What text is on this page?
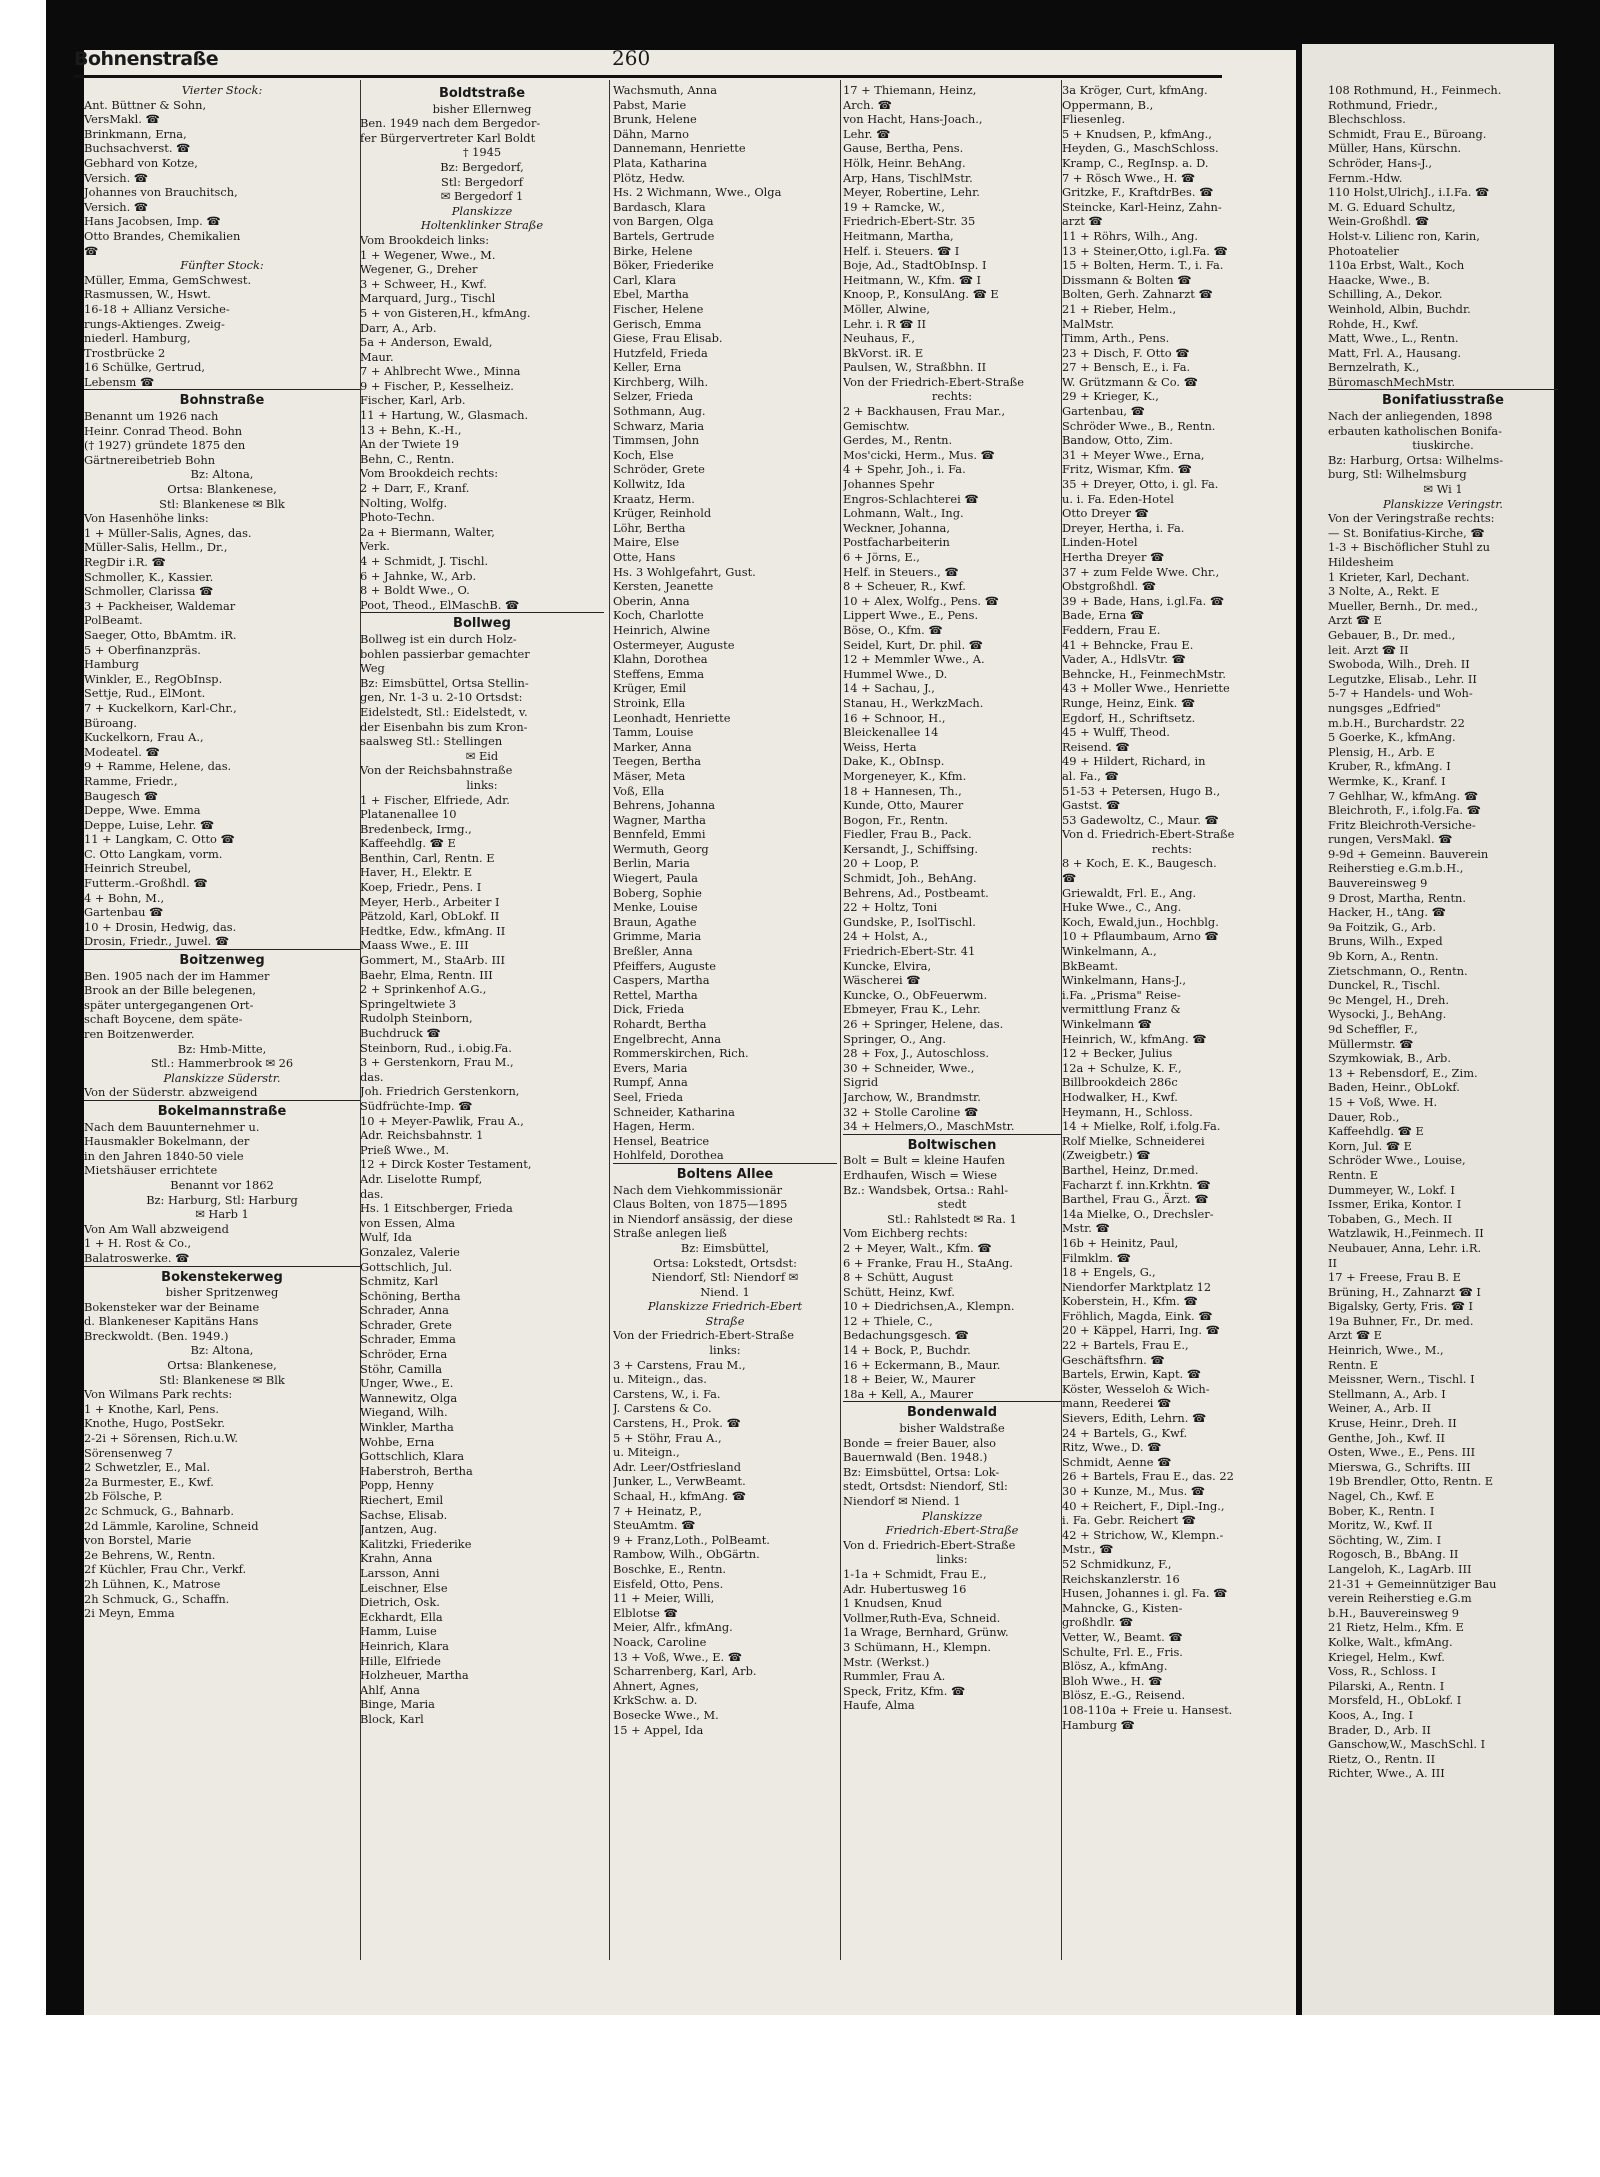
Bohnenstraße	260

Vierter Stock:

Ant. Büttner & Sohn,

VersMakl. ☎

Brinkmann, Erna,

Buchsachverst. ☎

Gebhard von Kotze,

Versich. ☎

Johannes von Brauchitsch,

Versich. ☎

Hans Jacobsen, Imp. ☎

Otto Brandes, Chemikalien

☎

Fünfter Stock:

Müller, Emma, GemSchwest.

Rasmussen, W., Hswt.

16-18 + Allianz Versiche-

rungs-Aktienges. Zweig-

niederl. Hamburg,

Trostbrücke 2

16 Schülke, Gertrud,

Lebensm ☎

Bohnstraße

Benannt um 1926 nach

Heinr. Conrad Theod. Bohn

(† 1927) gründete 1875 den

Gärtnereibetrieb Bohn

Bz: Altona,

Ortsa: Blankenese,

Stl: Blankenese ✉ Blk

Von Hasenhöhe links:

1 + Müller-Salis, Agnes, das.

Müller-Salis, Hellm., Dr.,

RegDir i.R. ☎

Schmoller, K., Kassier.

Schmoller, Clarissa ☎

3 + Packheiser, Waldemar

PolBeamt.

Saeger, Otto, BbAmtm. iR.

5 + Oberfinanzpräs.

Hamburg

Winkler, E., RegObInsp.

Settje, Rud., ElMont.

7 + Kuckelkorn, Karl-Chr.,

Büroang.

Kuckelkorn, Frau A.,

Modeatel. ☎

9 + Ramme, Helene, das.

Ramme, Friedr.,

Baugesch ☎

Deppe, Wwe. Emma

Deppe, Luise, Lehr. ☎

11 + Langkam, C. Otto ☎

C. Otto Langkam, vorm.

Heinrich Streubel,

Futterm.-Großhdl. ☎

4 + Bohn, M.,

Gartenbau ☎

10 + Drosin, Hedwig, das.

Drosin, Friedr., Juwel. ☎

Boitzenweg

Ben. 1905 nach der im Hammer

Brook an der Bille belegenen,

später untergegangenen Ort-

schaft Boycene, dem späte-

ren Boitzenwerder.

Bz: Hmb-Mitte,

Stl.: Hammerbrook ✉ 26

Planskizze Süderstr.

Von der Süderstr. abzweigend

Bokelmannstraße

Nach dem Bauunternehmer u.

Hausmakler Bokelmann, der

in den Jahren 1840-50 viele

Mietshäuser errichtete

Benannt vor 1862

Bz: Harburg, Stl: Harburg

✉ Harb 1

Von Am Wall abzweigend

1 + H. Rost & Co.,

Balatroswerke. ☎

Bokenstekerweg

bisher Spritzenweg

Bokensteker war der Beiname

d. Blankeneser Kapitäns Hans

Breckwoldt. (Ben. 1949.)

Bz: Altona,

Ortsa: Blankenese,

Stl: Blankenese ✉ Blk

Von Wilmans Park rechts:

1 + Knothe, Karl, Pens.

Knothe, Hugo, PostSekr.

2-2i + Sörensen, Rich.u.W.

Sörensenweg 7

2 Schwetzler, E., Mal.

2a Burmester, E., Kwf.

2b Fölsche, P.

2c Schmuck, G., Bahnarb.

2d Lämmle, Karoline, Schneid

von Borstel, Marie

2e Behrens, W., Rentn.

2f Küchler, Frau Chr., Verkf.

2h Lühnen, K., Matrose

2h Schmuck, G., Schaffn.

2i Meyn, Emma

Boldtstraße

bisher Ellernweg

Ben. 1949 nach dem Bergedor-

fer Bürgervertreter Karl Boldt

† 1945

Bz: Bergedorf,

Stl: Bergedorf

✉ Bergedorf 1

Planskizze

Holtenklinker Straße

Vom Brookdeich links:

1 + Wegener, Wwe., M.

Wegener, G., Dreher

3 + Schweer, H., Kwf.

Marquard, Jurg., Tischl

5 + von Gisteren,H., kfmAng.

Darr, A., Arb.

5a + Anderson, Ewald,

Maur.

7 + Ahlbrecht Wwe., Minna

9 + Fischer, P., Kesselheiz.

Fischer, Karl, Arb.

11 + Hartung, W., Glasmach.

13 + Behn, K.-H.,

An der Twiete 19

Behn, C., Rentn.

Vom Brookdeich rechts:

2 + Darr, F., Kranf.

Nolting, Wolfg.

Photo-Techn.

2a + Biermann, Walter,

Verk.

4 + Schmidt, J. Tischl.

6 + Jahnke, W., Arb.

8 + Boldt Wwe., O.

Poot, Theod., ElMaschB. ☎

Bollweg

Bollweg ist ein durch Holz-

bohlen passierbar gemachter

Weg

Bz: Eimsbüttel, Ortsa Stellin-

gen, Nr. 1-3 u. 2-10 Ortsdst:

Eidelstedt, Stl.: Eidelstedt, v.

der Eisenbahn bis zum Kron-

saalsweg Stl.: Stellingen

✉ Eid

Von der Reichsbahnstraße

links:

1 + Fischer, Elfriede, Adr.

Platanenallee 10

Bredenbeck, Irmg.,

Kaffeehdlg. ☎ E

Benthin, Carl, Rentn. E

Haver, H., Elektr. E

Koep, Friedr., Pens. I

Meyer, Herb., Arbeiter I

Pätzold, Karl, ObLokf. II

Hedtke, Edw., kfmAng. II

Maass Wwe., E. III

Gommert, M., StaArb. III

Baehr, Elma, Rentn. III

2 + Sprinkenhof A.G.,

Springeltwiete 3

Rudolph Steinborn,

Buchdruck ☎

Steinborn, Rud., i.obig.Fa.

3 + Gerstenkorn, Frau M.,

das.

Joh. Friedrich Gerstenkorn,

Südfrüchte-Imp. ☎

10 + Meyer-Pawlik, Frau A.,

Adr. Reichsbahnstr. 1

Prieß Wwe., M.

12 + Dirck Koster Testament,

Adr. Liselotte Rumpf,

das.

Hs. 1 Eitschberger, Frieda

von Essen, Alma

Wulf, Ida

Gonzalez, Valerie

Gottschlich, Jul.

Schmitz, Karl

Schöning, Bertha

Schrader, Anna

Schrader, Grete

Schrader, Emma

Schröder, Erna

Stöhr, Camilla

Unger, Wwe., E.

Wannewitz, Olga

Wiegand, Wilh.

Winkler, Martha

Wohbe, Erna

Gottschlich, Klara

Haberstroh, Bertha

Popp, Henny

Riechert, Emil

Sachse, Elisab.

Jantzen, Aug.

Kalitzki, Friederike

Krahn, Anna

Larsson, Anni

Leischner, Else

Dietrich, Osk.

Eckhardt, Ella

Hamm, Luise

Heinrich, Klara

Hille, Elfriede

Holzheuer, Martha

Ahlf, Anna

Binge, Maria

Block, Karl

Wachsmuth, Anna

Pabst, Marie

Brunk, Helene

Dähn, Marno

Dannemann, Henriette

Plata, Katharina

Plötz, Hedw.

Hs. 2 Wichmann, Wwe., Olga

Bardasch, Klara

von Bargen, Olga

Bartels, Gertrude

Birke, Helene

Böker, Friederike

Carl, Klara

Ebel, Martha

Fischer, Helene

Gerisch, Emma

Giese, Frau Elisab.

Hutzfeld, Frieda

Keller, Erna

Kirchberg, Wilh.

Selzer, Frieda

Sothmann, Aug.

Schwarz, Maria

Timmsen, John

Koch, Else

Schröder, Grete

Kollwitz, Ida

Kraatz, Herm.

Krüger, Reinhold

Löhr, Bertha

Maire, Else

Otte, Hans

Hs. 3 Wohlgefahrt, Gust.

Kersten, Jeanette

Oberin, Anna

Koch, Charlotte

Heinrich, Alwine

Ostermeyer, Auguste

Klahn, Dorothea

Steffens, Emma

Krüger, Emil

Stroink, Ella

Leonhadt, Henriette

Tamm, Louise

Marker, Anna

Teegen, Bertha

Mäser, Meta

Voß, Ella

Behrens, Johanna

Wagner, Martha

Bennfeld, Emmi

Wermuth, Georg

Berlin, Maria

Wiegert, Paula

Boberg, Sophie

Menke, Louise

Braun, Agathe

Grimme, Maria

Breßler, Anna

Pfeiffers, Auguste

Caspers, Martha

Rettel, Martha

Dick, Frieda

Rohardt, Bertha

Engelbrecht, Anna

Rommerskirchen, Rich.

Evers, Maria

Rumpf, Anna

Seel, Frieda

Schneider, Katharina

Hagen, Herm.

Hensel, Beatrice

Hohlfeld, Dorothea

Boltens Allee

Nach dem Viehkommissionär

Claus Bolten, von 1875—1895

in Niendorf ansässig, der diese

Straße anlegen ließ

Bz: Eimsbüttel,

Ortsa: Lokstedt, Ortsdst:

Niendorf, Stl: Niendorf ✉

Niend. 1

Planskizze Friedrich-Ebert

Straße

Von der Friedrich-Ebert-Straße

links:

3 + Carstens, Frau M.,

u. Miteign., das.

Carstens, W., i. Fa.

J. Carstens & Co.

Carstens, H., Prok. ☎

5 + Stöhr, Frau A.,

u. Miteign.,

Adr. Leer/Ostfriesland

Junker, L., VerwBeamt.

Schaal, H., kfmAng. ☎

7 + Heinatz, P.,

SteuAmtm. ☎

9 + Franz,Loth., PolBeamt.

Rambow, Wilh., ObGärtn.

Boschke, E., Rentn.

Eisfeld, Otto, Pens.

11 + Meier, Willi,

Elblotse ☎

Meier, Alfr., kfmAng.

Noack, Caroline

13 + Voß, Wwe., E. ☎

Scharrenberg, Karl, Arb.

Ahnert, Agnes,

KrkSchw. a. D.

Bosecke Wwe., M.

15 + Appel, Ida

17 + Thiemann, Heinz,

Arch. ☎

von Hacht, Hans-Joach.,

Lehr. ☎

Gause, Bertha, Pens.

Hölk, Heinr. BehAng.

Arp, Hans, TischlMstr.

Meyer, Robertine, Lehr.

19 + Ramcke, W.,

Friedrich-Ebert-Str. 35

Heitmann, Martha,

Helf. i. Steuers. ☎ I

Boje, Ad., StadtObInsp. I

Heitmann, W., Kfm. ☎ I

Knoop, P., KonsulAng. ☎ E

Möller, Alwine,

Lehr. i. R ☎ II

Neuhaus, F.,

BkVorst. iR. E

Paulsen, W., Straßbhn. II

Von der Friedrich-Ebert-Straße

rechts:

2 + Backhausen, Frau Mar.,

Gemischtw.

Gerdes, M., Rentn.

Mos'cicki, Herm., Mus. ☎

4 + Spehr, Joh., i. Fa.

Johannes Spehr

Engros-Schlachterei ☎

Lohmann, Walt., Ing.

Weckner, Johanna,

Postfacharbeiterin

6 + Jörns, E.,

Helf. in Steuers., ☎

8 + Scheuer, R., Kwf.

10 + Alex, Wolfg., Pens. ☎

Lippert Wwe., E., Pens.

Böse, O., Kfm. ☎

Seidel, Kurt, Dr. phil. ☎

12 + Memmler Wwe., A.

Hummel Wwe., D.

14 + Sachau, J.,

Stanau, H., WerkzMach.

16 + Schnoor, H.,

Bleickenallee 14

Weiss, Herta

Dake, K., ObInsp.

Morgeneyer, K., Kfm.

18 + Hannesen, Th.,

Kunde, Otto, Maurer

Bogon, Fr., Rentn.

Fiedler, Frau B., Pack.

Kersandt, J., Schiffsing.

20 + Loop, P.

Schmidt, Joh., BehAng.

Behrens, Ad., Postbeamt.

22 + Holtz, Toni

Gundske, P., IsolTischl.

24 + Holst, A.,

Friedrich-Ebert-Str. 41

Kuncke, Elvira,

Wäscherei ☎

Kuncke, O., ObFeuerwm.

Ebmeyer, Frau K., Lehr.

26 + Springer, Helene, das.

Springer, O., Ang.

28 + Fox, J., Autoschloss.

30 + Schneider, Wwe.,

Sigrid

Jarchow, W., Brandmstr.

32 + Stolle Caroline ☎

34 + Helmers,O., MaschMstr.

Boltwischen

Bolt = Bult = kleine Haufen

Erdhaufen, Wisch = Wiese

Bz.: Wandsbek, Ortsa.: Rahl-

stedt

Stl.: Rahlstedt ✉ Ra. 1

Vom Eichberg rechts:

2 + Meyer, Walt., Kfm. ☎

6 + Franke, Frau H., StaAng.

8 + Schütt, August

Schütt, Heinz, Kwf.

10 + Diedrichsen,A., Klempn.

12 + Thiele, C.,

Bedachungsgesch. ☎

14 + Bock, P., Buchdr.

16 + Eckermann, B., Maur.

18 + Beier, W., Maurer

18a + Kell, A., Maurer

Bondenwald

bisher Waldstraße

Bonde = freier Bauer, also

Bauernwald (Ben. 1948.)

Bz: Eimsbüttel, Ortsa: Lok-

stedt, Ortsdst: Niendorf, Stl:

Niendorf ✉ Niend. 1

Planskizze

Friedrich-Ebert-Straße

Von d. Friedrich-Ebert-Straße

links:

1-1a + Schmidt, Frau E.,

Adr. Hubertusweg 16

1 Knudsen, Knud

Vollmer,Ruth-Eva, Schneid.

1a Wrage, Bernhard, Grünw.

3 Schümann, H., Klempn.

Mstr. (Werkst.)

Rummler, Frau A.

Speck, Fritz, Kfm. ☎

Haufe, Alma

3a Kröger, Curt, kfmAng.

Oppermann, B.,

Fliesenleg.

5 + Knudsen, P., kfmAng.,

Heyden, G., MaschSchloss.

Kramp, C., RegInsp. a. D.

7 + Rösch Wwe., H. ☎

Gritzke, F., KraftdrBes. ☎

Steincke, Karl-Heinz, Zahn-

arzt ☎

11 + Röhrs, Wilh., Ang.

13 + Steiner,Otto, i.gl.Fa. ☎

15 + Bolten, Herm. T., i. Fa.

Dissmann & Bolten ☎

Bolten, Gerh. Zahnarzt ☎

21 + Rieber, Helm.,

MalMstr.

Timm, Arth., Pens.

23 + Disch, F. Otto ☎

27 + Bensch, E., i. Fa.

W. Grützmann & Co. ☎

29 + Krieger, K.,

Gartenbau, ☎

Schröder Wwe., B., Rentn.

Bandow, Otto, Zim.

31 + Meyer Wwe., Erna,

Fritz, Wismar, Kfm. ☎

35 + Dreyer, Otto, i. gl. Fa.

u. i. Fa. Eden-Hotel

Otto Dreyer ☎

Dreyer, Hertha, i. Fa.

Linden-Hotel

Hertha Dreyer ☎

37 + zum Felde Wwe. Chr.,

Obstgroßhdl. ☎

39 + Bade, Hans, i.gl.Fa. ☎

Bade, Erna ☎

Feddern, Frau E.

41 + Behncke, Frau E.

Vader, A., HdlsVtr. ☎

Behncke, H., FeinmechMstr.

43 + Moller Wwe., Henriette

Runge, Heinz, Eink. ☎

Egdorf, H., Schriftsetz.

45 + Wulff, Theod.

Reisend. ☎

49 + Hildert, Richard, in

al. Fa., ☎

51-53 + Petersen, Hugo B.,

Gastst. ☎

53 Gadewoltz, C., Maur. ☎

Von d. Friedrich-Ebert-Straße

rechts:

8 + Koch, E. K., Baugesch.

☎

Griewaldt, Frl. E., Ang.

Huke Wwe., C., Ang.

Koch, Ewald,jun., Hochblg.

10 + Pflaumbaum, Arno ☎

Winkelmann, A.,

BkBeamt.

Winkelmann, Hans-J.,

i.Fa. „Prisma" Reise-

vermittlung Franz &

Winkelmann ☎

Heinrich, W., kfmAng. ☎

12 + Becker, Julius

12a + Schulze, K. F.,

Billbrookdeich 286c

Hodwalker, H., Kwf.

Heymann, H., Schloss.

14 + Mielke, Rolf, i.folg.Fa.

Rolf Mielke, Schneiderei

(Zweigbetr.) ☎

Barthel, Heinz, Dr.med.

Facharzt f. inn.Krkhtn. ☎

Barthel, Frau G., Ärzt. ☎

14a Mielke, O., Drechsler-

Mstr. ☎

16b + Heinitz, Paul,

Filmklm. ☎

18 + Engels, G.,

Niendorfer Marktplatz 12

Koberstein, H., Kfm. ☎

Fröhlich, Magda, Eink. ☎

20 + Käppel, Harri, Ing. ☎

22 + Bartels, Frau E.,

Geschäftsfhrn. ☎

Bartels, Erwin, Kapt. ☎

Köster, Wesseloh & Wich-

mann, Reederei ☎

Sievers, Edith, Lehrn. ☎

24 + Bartels, G., Kwf.

Ritz, Wwe., D. ☎

Schmidt, Aenne ☎

26 + Bartels, Frau E., das. 22

30 + Kunze, M., Mus. ☎

40 + Reichert, F., Dipl.-Ing.,

i. Fa. Gebr. Reichert ☎

42 + Strichow, W., Klempn.-

Mstr., ☎

52 Schmidkunz, F.,

Reichskanzlerstr. 16

Husen, Johannes i. gl. Fa. ☎

Mahncke, G., Kisten-

großhdlr. ☎

Vetter, W., Beamt. ☎

Schulte, Frl. E., Fris.

Blösz, A., kfmAng.

Bloh Wwe., H. ☎

Blösz, E.-G., Reisend.

108-110a + Freie u. Hansest.

Hamburg ☎

108 Rothmund, H., Feinmech.

Rothmund, Friedr.,

Blechschloss.

Schmidt, Frau E., Büroang.

Müller, Hans, Kürschn.

Schröder, Hans-J.,

Fernm.-Hdw.

110 Holst,UlrichJ., i.I.Fa. ☎

M. G. Eduard Schultz,

Wein-Großhdl. ☎

Holst-v. Lilienc ron, Karin,

Photoatelier

110a Erbst, Walt., Koch

Haacke, Wwe., B.

Schilling, A., Dekor.

Weinhold, Albin, Buchdr.

Rohde, H., Kwf.

Matt, Wwe., L., Rentn.

Matt, Frl. A., Hausang.

Bernzelrath, K.,

BüromaschMechMstr.

Bonifatiusstraße

Nach der anliegenden, 1898

erbauten katholischen Bonifa-

tiuskirche.

Bz: Harburg, Ortsa: Wilhelms-

burg, Stl: Wilhelmsburg

✉ Wi 1

Planskizze Veringstr.

Von der Veringstraße rechts:

— St. Bonifatius-Kirche, ☎

1-3 + Bischöflicher Stuhl zu

Hildesheim

1 Krieter, Karl, Dechant.

3 Nolte, A., Rekt. E

Mueller, Bernh., Dr. med.,

Arzt ☎ E

Gebauer, B., Dr. med.,

leit. Arzt ☎ II

Swoboda, Wilh., Dreh. II

Legutzke, Elisab., Lehr. II

5-7 + Handels- und Woh-

nungsges „Edfried"

m.b.H., Burchardstr. 22

5 Goerke, K., kfmAng.

Plensig, H., Arb. E

Kruber, R., kfmAng. I

Wermke, K., Kranf. I

7 Gehlhar, W., kfmAng. ☎

Bleichroth, F., i.folg.Fa. ☎

Fritz Bleichroth-Versiche-

rungen, VersMakl. ☎

9-9d + Gemeinn. Bauverein

Reiherstieg e.G.m.b.H.,

Bauvereinsweg 9

9 Drost, Martha, Rentn.

Hacker, H., tAng. ☎

9a Foitzik, G., Arb.

Bruns, Wilh., Exped

9b Korn, A., Rentn.

Zietschmann, O., Rentn.

Dunckel, R., Tischl.

9c Mengel, H., Dreh.

Wysocki, J., BehAng.

9d Scheffler, F.,

Müllermstr. ☎

Szymkowiak, B., Arb.

13 + Rebensdorf, E., Zim.

Baden, Heinr., ObLokf.

15 + Voß, Wwe. H.

Dauer, Rob.,

Kaffeehdlg. ☎ E

Korn, Jul. ☎ E

Schröder Wwe., Louise,

Rentn. E

Dummeyer, W., Lokf. I

Issmer, Erika, Kontor. I

Tobaben, G., Mech. II

Watzlawik, H.,Feinmech. II

Neubauer, Anna, Lehr. i.R.

II

17 + Freese, Frau B. E

Brüning, H., Zahnarzt ☎ I

Bigalsky, Gerty, Fris. ☎ I

19a Buhner, Fr., Dr. med.

Arzt ☎ E

Heinrich, Wwe., M.,

Rentn. E

Meissner, Wern., Tischl. I

Stellmann, A., Arb. I

Weiner, A., Arb. II

Kruse, Heinr., Dreh. II

Genthe, Joh., Kwf. II

Osten, Wwe., E., Pens. III

Mierswa, G., Schrifts. III

19b Brendler, Otto, Rentn. E

Nagel, Ch., Kwf. E

Bober, K., Rentn. I

Moritz, W., Kwf. II

Söchting, W., Zim. I

Rogosch, B., BbAng. II

Langeloh, K., LagArb. III

21-31 + Gemeinnütziger Bau

verein Reiherstieg e.G.m

b.H., Bauvereinsweg 9

21 Rietz, Helm., Kfm. E

Kolke, Walt., kfmAng.

Kriegel, Helm., Kwf.

Voss, R., Schloss. I

Pilarski, A., Rentn. I

Morsfeld, H., ObLokf. I

Koos, A., Ing. I

Brader, D., Arb. II

Ganschow,W., MaschSchl. I

Rietz, O., Rentn. II

Richter, Wwe., A. III
